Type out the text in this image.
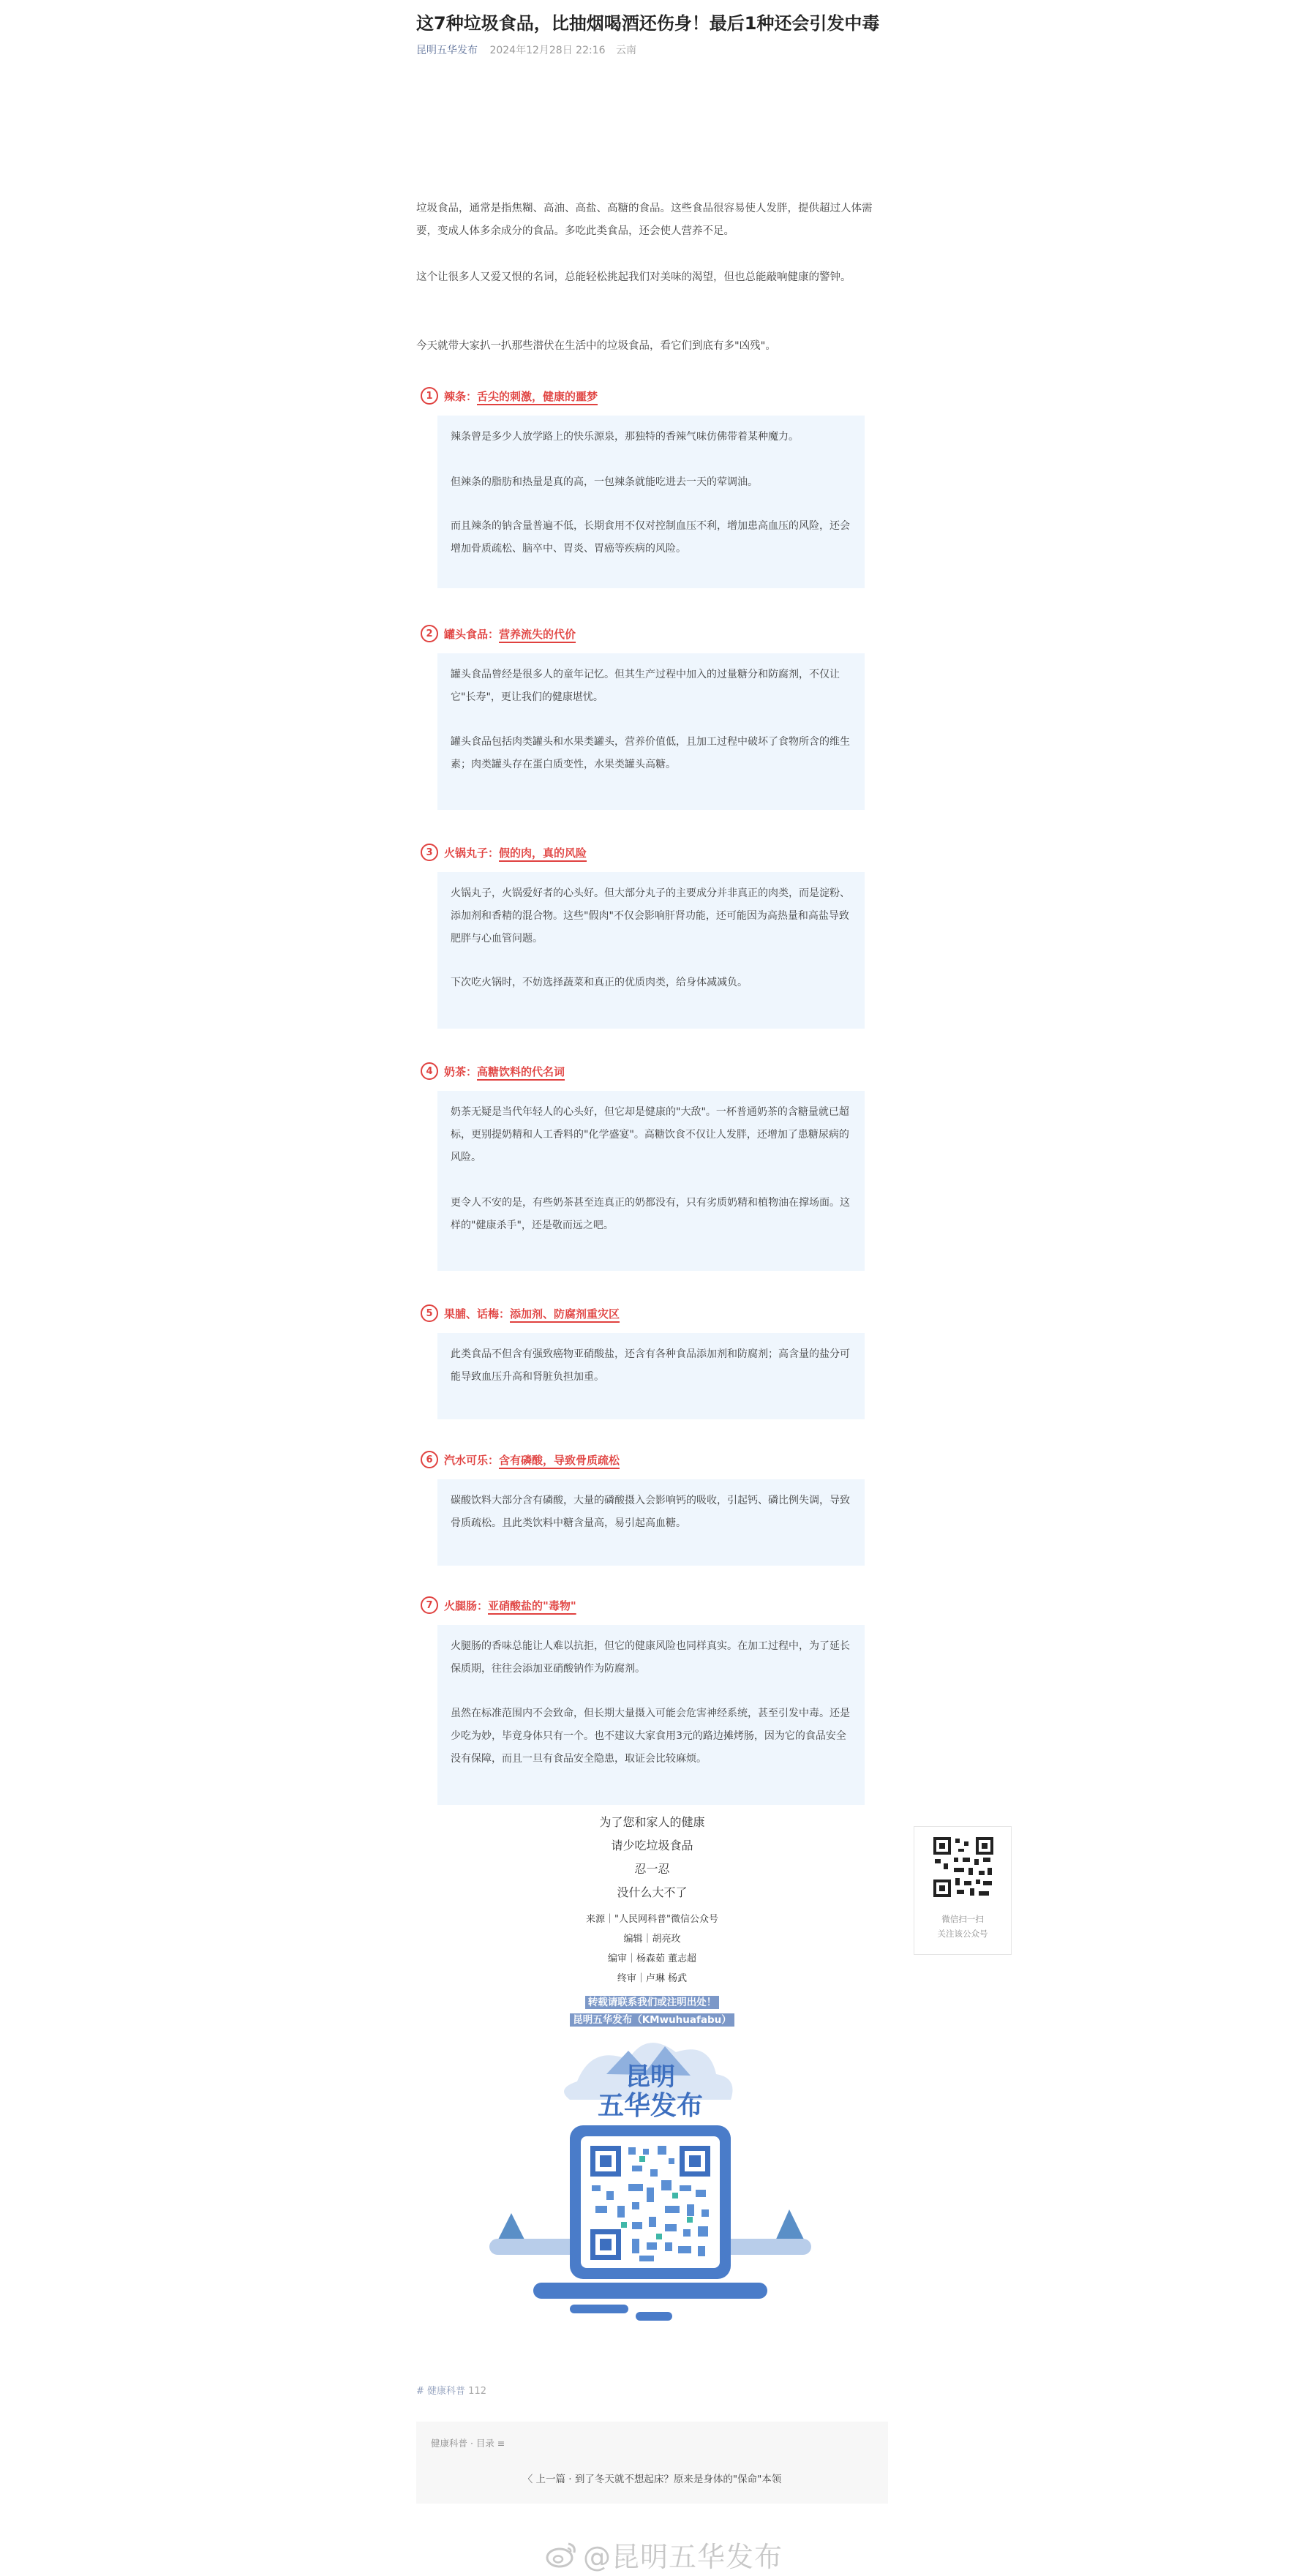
这7种垃圾食品，比抽烟喝酒还伤身！最后1种还会引发中毒
昆明五华发布 2024年12月28日 22:16 云南

垃圾食品，通常是指焦糊、高油、高盐、高糖的食品。这些食品很容易使人发胖，提供超过人体需要，变成人体多余成分的食品。多吃此类食品，还会使人营养不足。

这个让很多人又爱又恨的名词，总能轻松挑起我们对美味的渴望，但也总能敲响健康的警钟。

今天就带大家扒一扒那些潜伏在生活中的垃圾食品，看它们到底有多"凶残"。

1	辣条： 舌尖的刺激，健康的噩梦

辣条曾是多少人放学路上的快乐源泉，那独特的香辣气味仿佛带着某种魔力。

但辣条的脂肪和热量是真的高，一包辣条就能吃进去一天的荤调油。

而且辣条的钠含量普遍不低，长期食用不仅对控制血压不利，增加患高血压的风险，还会增加骨质疏松、脑卒中、胃炎、胃癌等疾病的风险。

2	罐头食品： 营养流失的代价

罐头食品曾经是很多人的童年记忆。但其生产过程中加入的过量糖分和防腐剂，不仅让它"长寿"，更让我们的健康堪忧。

罐头食品包括肉类罐头和水果类罐头，营养价值低，且加工过程中破坏了食物所含的维生素；肉类罐头存在蛋白质变性，水果类罐头高糖。

3	火锅丸子： 假的肉，真的风险

火锅丸子，火锅爱好者的心头好。但大部分丸子的主要成分并非真正的肉类，而是淀粉、添加剂和香精的混合物。这些"假肉"不仅会影响肝肾功能，还可能因为高热量和高盐导致肥胖与心血管问题。

下次吃火锅时，不妨选择蔬菜和真正的优质肉类，给身体减减负。

4	奶茶： 高糖饮料的代名词

奶茶无疑是当代年轻人的心头好，但它却是健康的"大敌"。一杯普通奶茶的含糖量就已超标，更别提奶精和人工香料的"化学盛宴"。高糖饮食不仅让人发胖，还增加了患糖尿病的风险。

更令人不安的是，有些奶茶甚至连真正的奶都没有，只有劣质奶精和植物油在撑场面。这样的"健康杀手"，还是敬而远之吧。

5	果脯、话梅： 添加剂、防腐剂重灾区

此类食品不但含有强致癌物亚硝酸盐，还含有各种食品添加剂和防腐剂；高含量的盐分可能导致血压升高和肾脏负担加重。

6	汽水可乐： 含有磷酸，导致骨质疏松

碳酸饮料大部分含有磷酸，大量的磷酸摄入会影响钙的吸收，引起钙、磷比例失调，导致骨质疏松。且此类饮料中糖含量高，易引起高血糖。

7	火腿肠： 亚硝酸盐的"毒物"

火腿肠的香味总能让人难以抗拒，但它的健康风险也同样真实。在加工过程中，为了延长保质期，往往会添加亚硝酸钠作为防腐剂。

虽然在标准范围内不会致命，但长期大量摄入可能会危害神经系统，甚至引发中毒。还是少吃为妙，毕竟身体只有一个。也不建议大家食用3元的路边摊烤肠，因为它的食品安全没有保障，而且一旦有食品安全隐患，取证会比较麻烦。

为了您和家人的健康
请少吃垃圾食品
忍一忍
没什么大不了
来源｜"人民网科普"微信公众号
编辑｜胡亮玫
编审｜杨森茹 董志超
终审｜卢琳 杨武
转载请联系我们或注明出处！
昆明五华发布（KMwuhuafabu）
昆明
五华发布
# 健康科普 112
健康科普 · 目录 ≡
〈 上一篇 · 到了冬天就不想起床？原来是身体的"保命"本领
微信扫一扫
关注该公众号
@昆明五华发布
